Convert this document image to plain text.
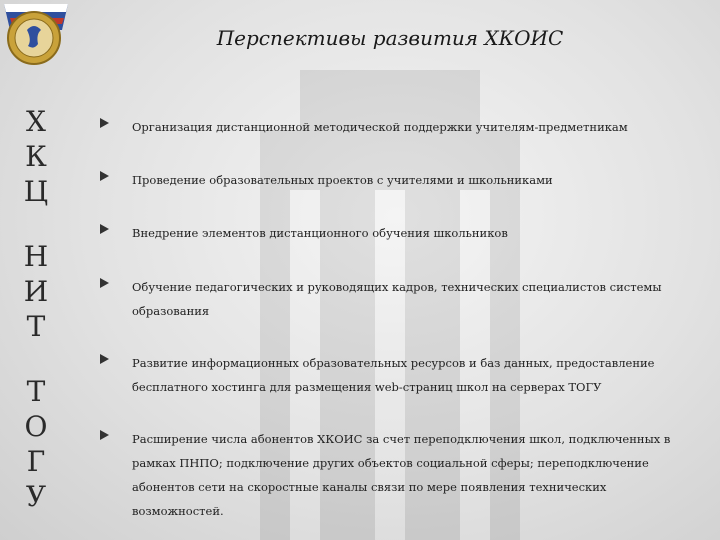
Перспективы развития ХКОИС
Х
К
Ц
Н
И
Т
Т
О
Г
У
Организация дистанционной методической поддержки учителям-предметникам
Проведение образовательных проектов с учителями и школьниками
Внедрение элементов дистанционного обучения школьников
Обучение педагогических и руководящих кадров, технических специалистов системы образования
Развитие информационных образовательных ресурсов и баз данных, предоставление бесплатного хостинга для размещения web-страниц школ на серверах ТОГУ
Расширение числа абонентов ХКОИС за счет переподключения школ, подключенных в рамках ПНПО; подключение других объектов социальной сферы; переподключение абонентов сети на скоростные каналы связи по мере появления технических возможностей.
